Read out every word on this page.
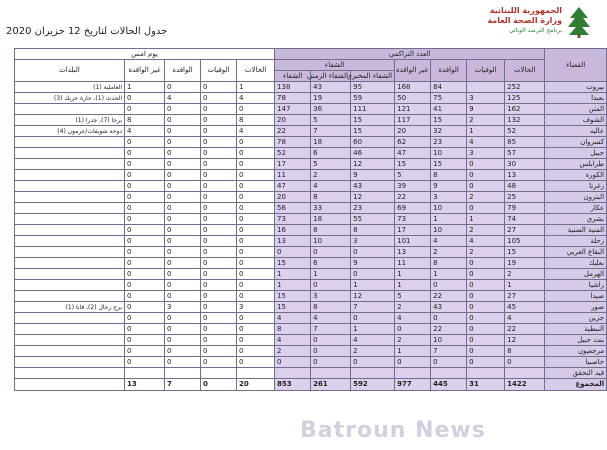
الجمهورية اللبنانية
وزارة الصحة العامة
برنامج الترصد الوبائي
جدول الحالات لتاريخ 12 حزيران 2020
القضاء	العدد التراكمي							يوم امس				
	الحالات	الوفيات	الوافدة	غير الوافدة	الشفاء			الحالات	الوفيات	الوافدة	غير الوافدة	البلدات
					الشفاء المخبري	الشفاء الزمني	الشفاء					
بيروت	252		84	168	95	43	138	1	0	0	1	العاملية (1)
بعبدا	125	3	75	50	59	19	78	4	0	4	0	الحدث (1)، حارة حريك (3)
المتن	162	9	41	121	111	36	147	0	0	0	0	
الشوف	132	2	15	117	15	5	20	8	0	0	8	برجا (7)، جدرا (1)
عاليه	52	1	32	20	15	7	22	4	0	0	4	دوحة شويفات/عرمون (4)
كسروان	85	4	23	62	60	18	78	0	0	0	0	
جبيل	57	3	10	47	46	6	52	0	0	0	0	
طرابلس	30	0	15	15	12	5	17	0	0	0	0	
الكورة	13	0	8	5	9	2	11	0	0	0	0	
زغرتا	48	0	9	39	43	4	47	0	0	0	0	
البترون	25	2	3	22	12	8	20	0	0	0	0	
عكار	79	0	10	69	23	33	56	0	0	0	0	
بشري	74	1	1	73	55	18	73	0	0	0	0	
المنية الضنية	27	2	10	17	8	8	16	0	0	0	0	
زحلة	105	4	4	101	3	10	13	0	0	0	0	
البقاع الغربي	15	2	2	13	0	0	0	0	0	0	0	
بعلبك	19	0	8	11	9	6	15	0	0	0	0	
الهرمل	2	0	1	1	0	1	1	0	0	0	0	
راشيا	1	0	0	1	1	0	1	0	0	0	0	
صيدا	27	0	22	5	12	3	15	0	0	0	0	
صور	45	0	43	2	7	8	15	3	0	3	0	برج رحال (2)، قانا (1)
جزين	4	0	0	4	0	4	4	0	0	0	0	
النبطية	22	0	22	0	1	7	8	0	0	0	0	
بنت جبيل	12	0	10	2	4	0	4	0	0	0	0	
مرجعيون	8	0	7	1	2	0	2	0	0	0	0	
حاصبيا	0	0	0	0	0	0	0	0	0	0	0	
قيد التحقق												
المجموع	1422	31	445	977	592	261	853	20	0	7	13	
Batroun News
